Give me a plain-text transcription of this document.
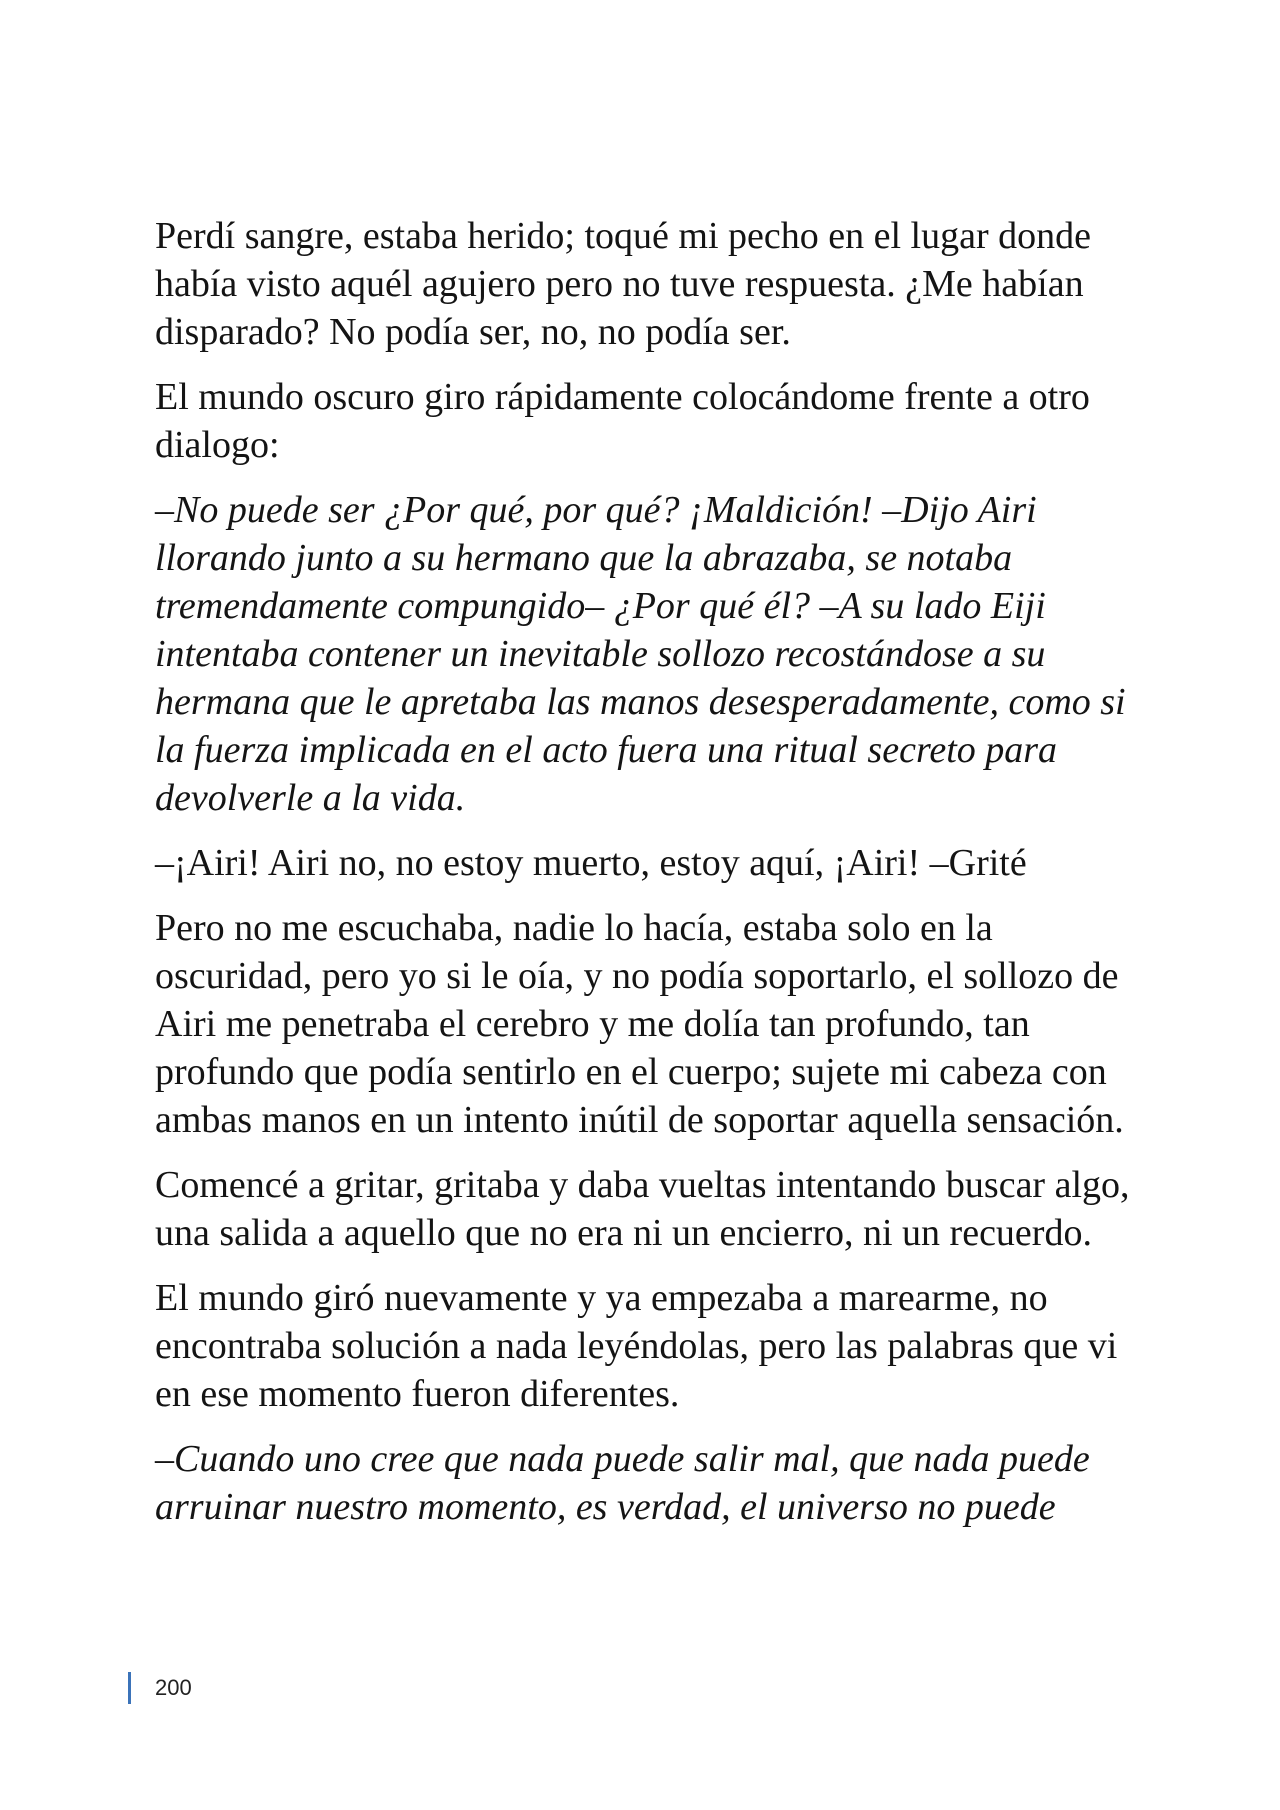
Perdí sangre, estaba herido; toqué mi pecho en el lugar donde había visto aquél agujero pero no tuve respuesta. ¿Me habían disparado? No podía ser, no, no podía ser.

El mundo oscuro giro rápidamente colocándome frente a otro dialogo:

–No puede ser ¿Por qué, por qué? ¡Maldición! –Dijo Airi llorando junto a su hermano que la abrazaba, se notaba tremendamente compungido– ¿Por qué él? –A su lado Eiji intentaba contener un inevitable sollozo recostándose a su hermana que le apretaba las manos desesperadamente, como si la fuerza implicada en el acto fuera una ritual secreto para devolverle a la vida.

–¡Airi! Airi no, no estoy muerto, estoy aquí, ¡Airi! –Grité

Pero no me escuchaba, nadie lo hacía, estaba solo en la oscuridad, pero yo si le oía, y no podía soportarlo, el sollozo de Airi me penetraba el cerebro y me dolía tan profundo, tan profundo que podía sentirlo en el cuerpo; sujete mi cabeza con ambas manos en un intento inútil de soportar aquella sensación.

Comencé a gritar, gritaba y daba vueltas intentando buscar algo, una salida a aquello que no era ni un encierro, ni un recuerdo.

El mundo giró nuevamente y ya empezaba a marearme, no encontraba solución a nada leyéndolas, pero las palabras que vi en ese momento fueron diferentes.

–Cuando uno cree que nada puede salir mal, que nada puede arruinar nuestro momento, es verdad, el universo no puede

200
